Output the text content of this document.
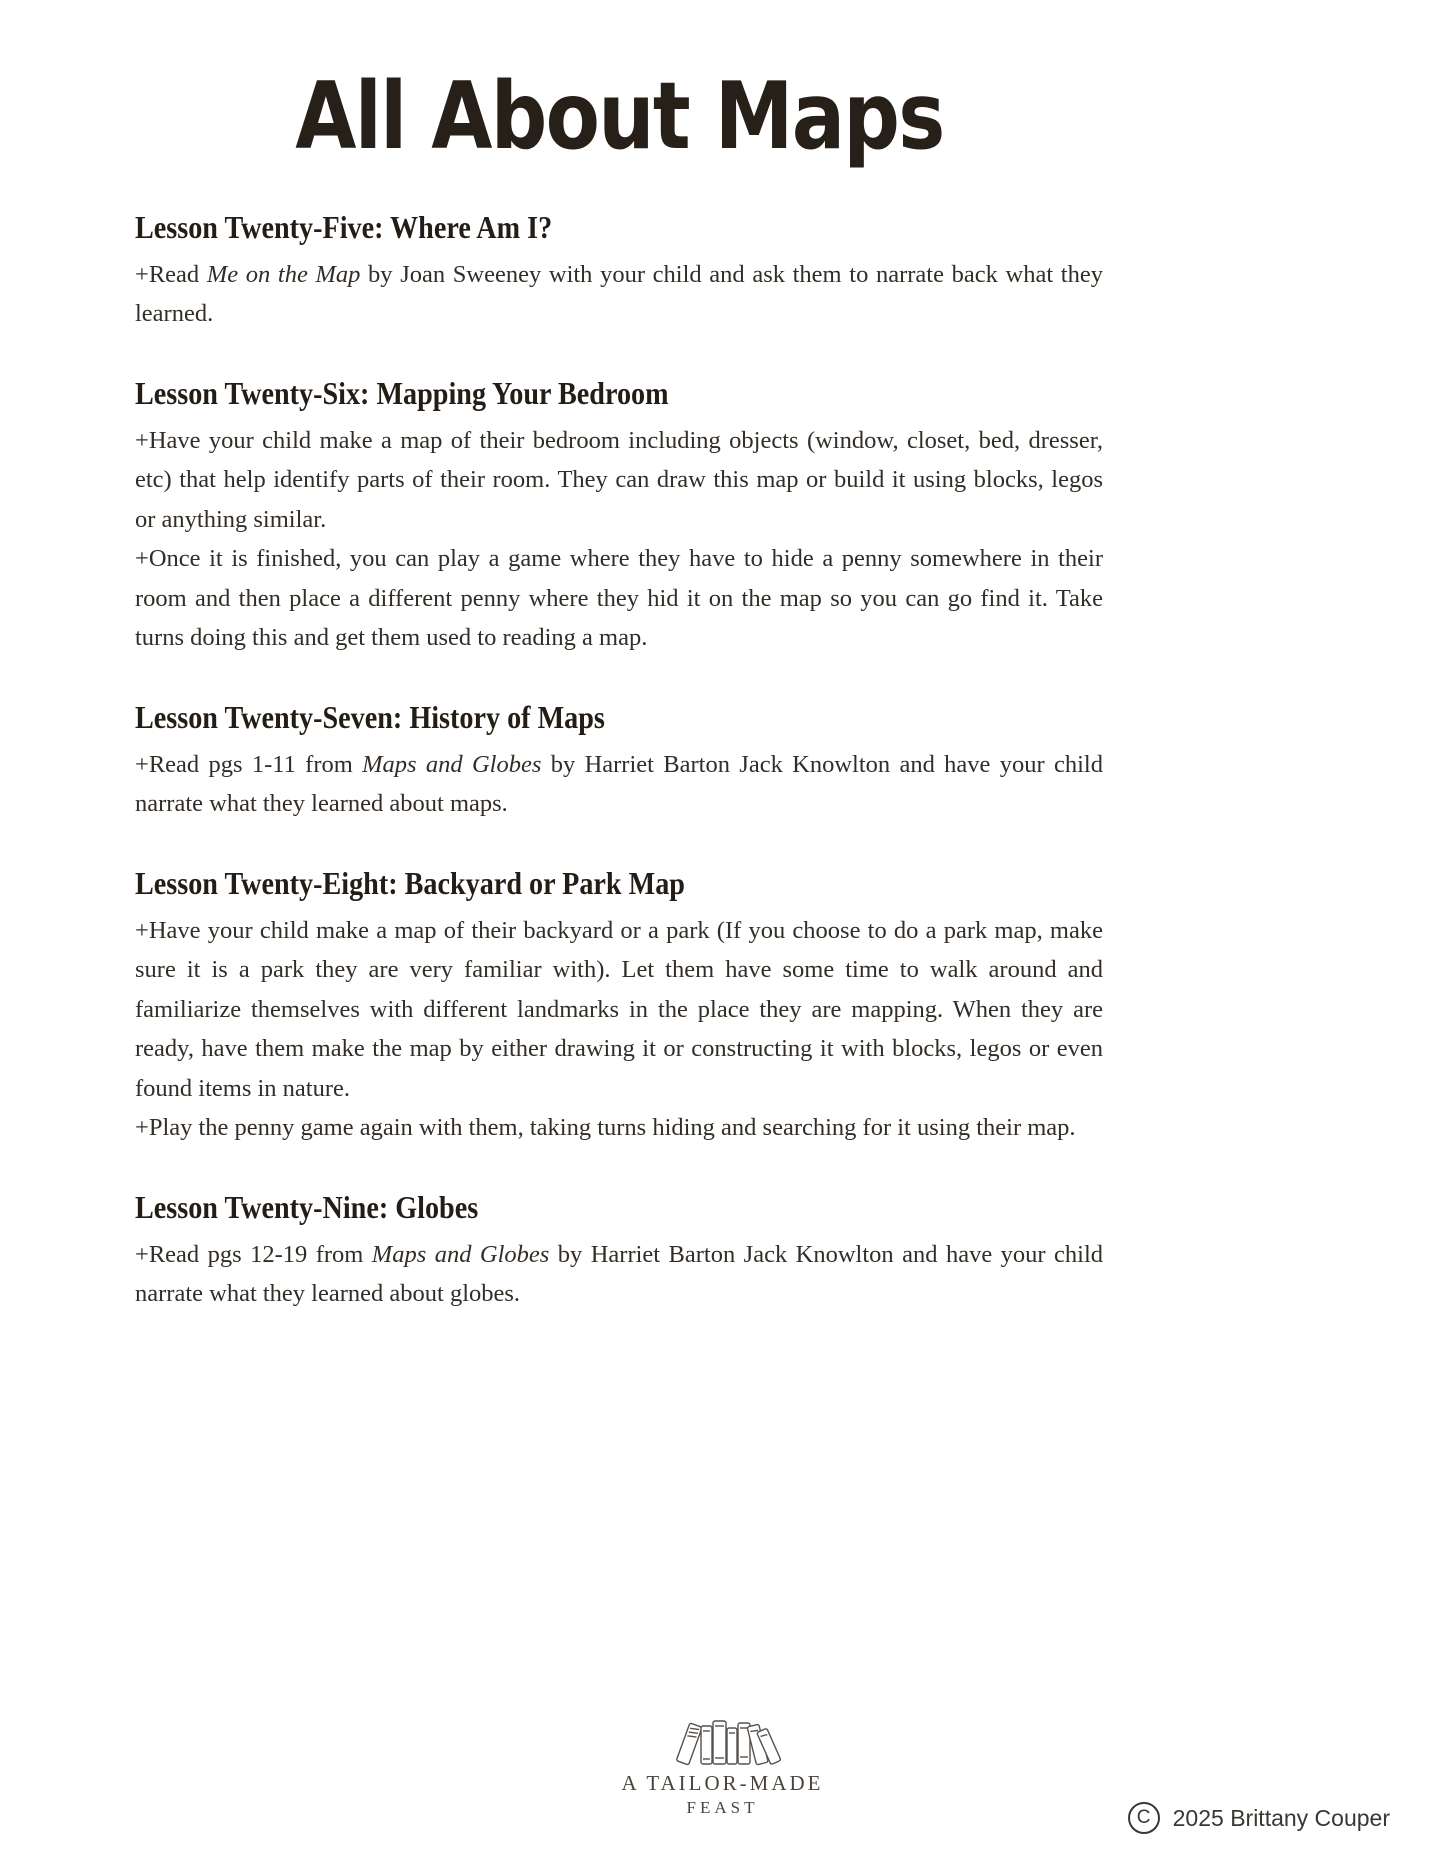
All About Maps
Lesson Twenty-Five: Where Am I?

+Read Me on the Map by Joan Sweeney with your child and ask them to narrate back what they learned.

Lesson Twenty-Six: Mapping Your Bedroom

+Have your child make a map of their bedroom including objects (window, closet, bed, dresser, etc) that help identify parts of their room. They can draw this map or build it using blocks, legos or anything similar.

+Once it is finished, you can play a game where they have to hide a penny somewhere in their room and then place a different penny where they hid it on the map so you can go find it. Take turns doing this and get them used to reading a map.

Lesson Twenty-Seven: History of Maps

+Read pgs 1-11 from Maps and Globes by Harriet Barton Jack Knowlton and have your child narrate what they learned about maps.

Lesson Twenty-Eight: Backyard or Park Map

+Have your child make a map of their backyard or a park (If you choose to do a park map, make sure it is a park they are very familiar with). Let them have some time to walk around and familiarize themselves with different landmarks in the place they are mapping. When they are ready, have them make the map by either drawing it or constructing it with blocks, legos or even found items in nature.

+Play the penny game again with them, taking turns hiding and searching for it using their map.

Lesson Twenty-Nine: Globes

+Read pgs 12-19 from Maps and Globes by Harriet Barton Jack Knowlton and have your child narrate what they learned about globes.

A TAILOR-MADE
FEAST	C 2025 Brittany Couper
